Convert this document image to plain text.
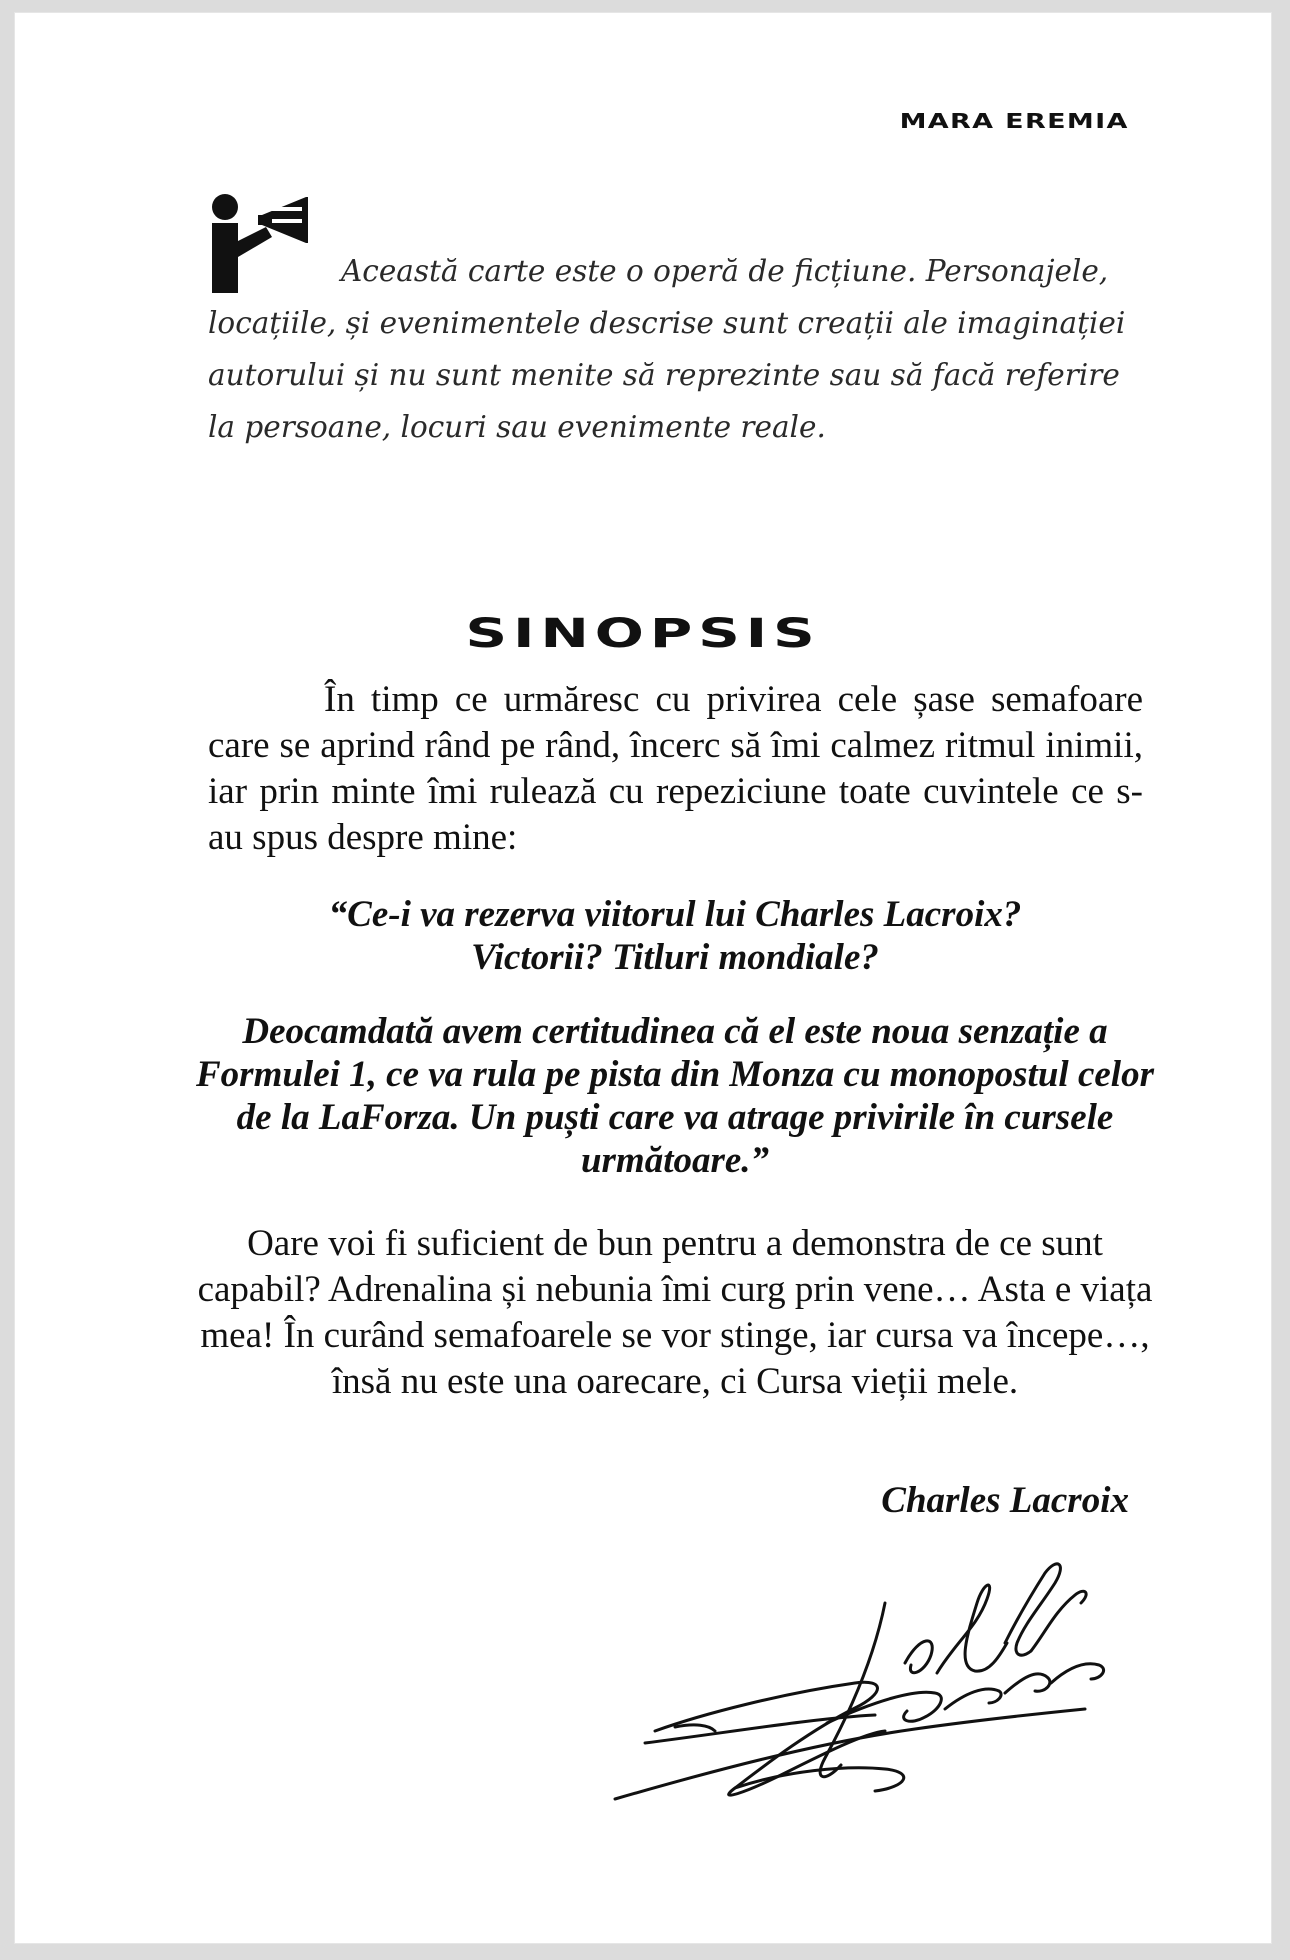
MARA EREMIA
Această carte este o operă de ficțiune. Personajele, locațiile, și evenimentele descrise sunt creații ale imaginației autorului și nu sunt menite să reprezinte sau să facă referire la persoane, locuri sau evenimente reale.
SINOPSIS

În timp ce urmăresc cu privirea cele șase semafoare care se aprind rând pe rând, încerc să îmi calmez ritmul inimii, iar prin minte îmi rulează cu repeziciune toate cuvintele ce s-au spus despre mine:

“Ce-i va rezerva viitorul lui Charles Lacroix?
Victorii? Titluri mondiale?

Deocamdată avem certitudinea că el este noua senzație a Formulei 1, ce va rula pe pista din Monza cu monopostul celor de la LaForza. Un puști care va atrage privirile în cursele următoare.”

Oare voi fi suficient de bun pentru a demonstra de ce sunt capabil? Adrenalina și nebunia îmi curg prin vene… Asta e viața mea! În curând semafoarele se vor stinge, iar cursa va începe…, însă nu este una oarecare, ci Cursa vieții mele.

Charles Lacroix
